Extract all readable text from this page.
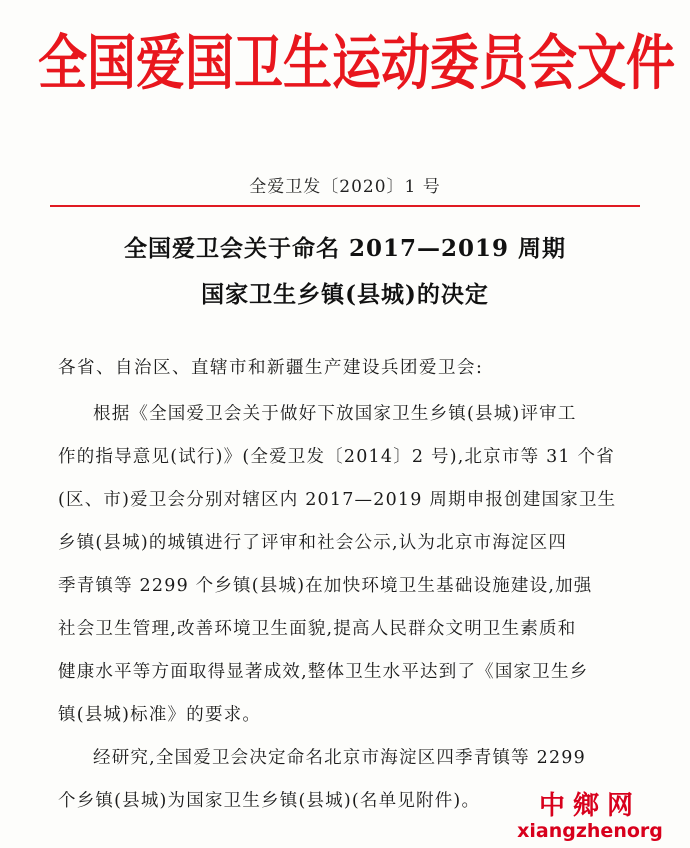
全国爱国卫生运动委员会文件
全爱卫发〔2020〕1 号
全国爱卫会关于命名 2017—2019 周期
国家卫生乡镇(县城)的决定
各省、自治区、直辖市和新疆生产建设兵团爱卫会:
根据《全国爱卫会关于做好下放国家卫生乡镇(县城)评审工
作的指导意见(试行)》(全爱卫发〔2014〕2 号),北京市等 31 个省
(区、市)爱卫会分别对辖区内 2017—2019 周期申报创建国家卫生
乡镇(县城)的城镇进行了评审和社会公示,认为北京市海淀区四
季青镇等 2299 个乡镇(县城)在加快环境卫生基础设施建设,加强
社会卫生管理,改善环境卫生面貌,提高人民群众文明卫生素质和
健康水平等方面取得显著成效,整体卫生水平达到了《国家卫生乡
镇(县城)标准》的要求。
经研究,全国爱卫会决定命名北京市海淀区四季青镇等 2299
个乡镇(县城)为国家卫生乡镇(县城)(名单见附件)。	中鄉网
xiangzhenorg
